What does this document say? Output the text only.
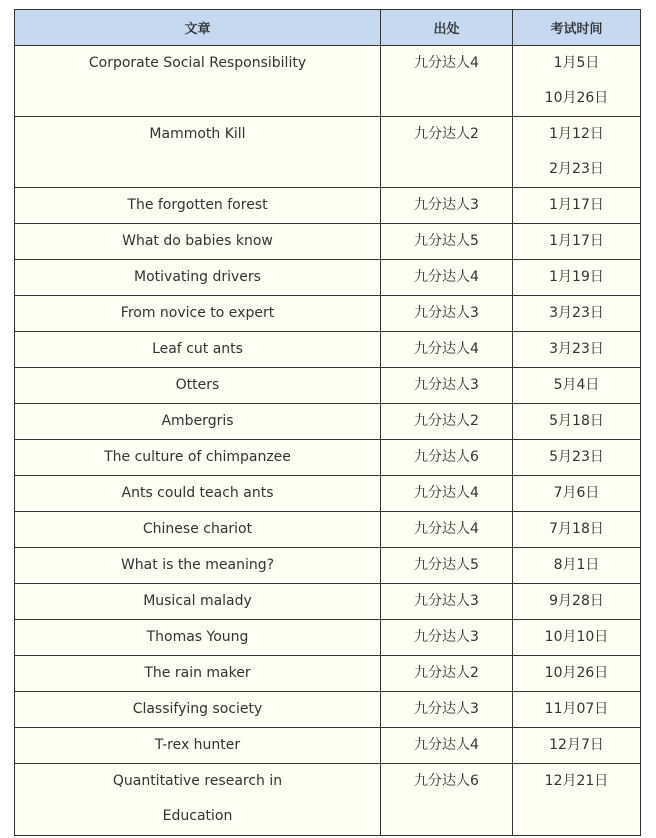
文章	出处	考试时间

Corporate Social Responsibility	九分达人4	1月5日
10月26日

Mammoth Kill	九分达人2	1月12日
2月23日

The forgotten forest	九分达人3	1月17日

What do babies know	九分达人5	1月17日

Motivating drivers	九分达人4	1月19日

From novice to expert	九分达人3	3月23日

Leaf cut ants	九分达人4	3月23日

Otters	九分达人3	5月4日

Ambergris	九分达人2	5月18日

The culture of chimpanzee	九分达人6	5月23日

Ants could teach ants	九分达人4	7月6日

Chinese chariot	九分达人4	7月18日

What is the meaning?	九分达人5	8月1日

Musical malady	九分达人3	9月28日

Thomas Young	九分达人3	10月10日

The rain maker	九分达人2	10月26日

Classifying society	九分达人3	11月07日

T-rex hunter	九分达人4	12月7日

Quantitative research in
Education	九分达人6	12月21日
